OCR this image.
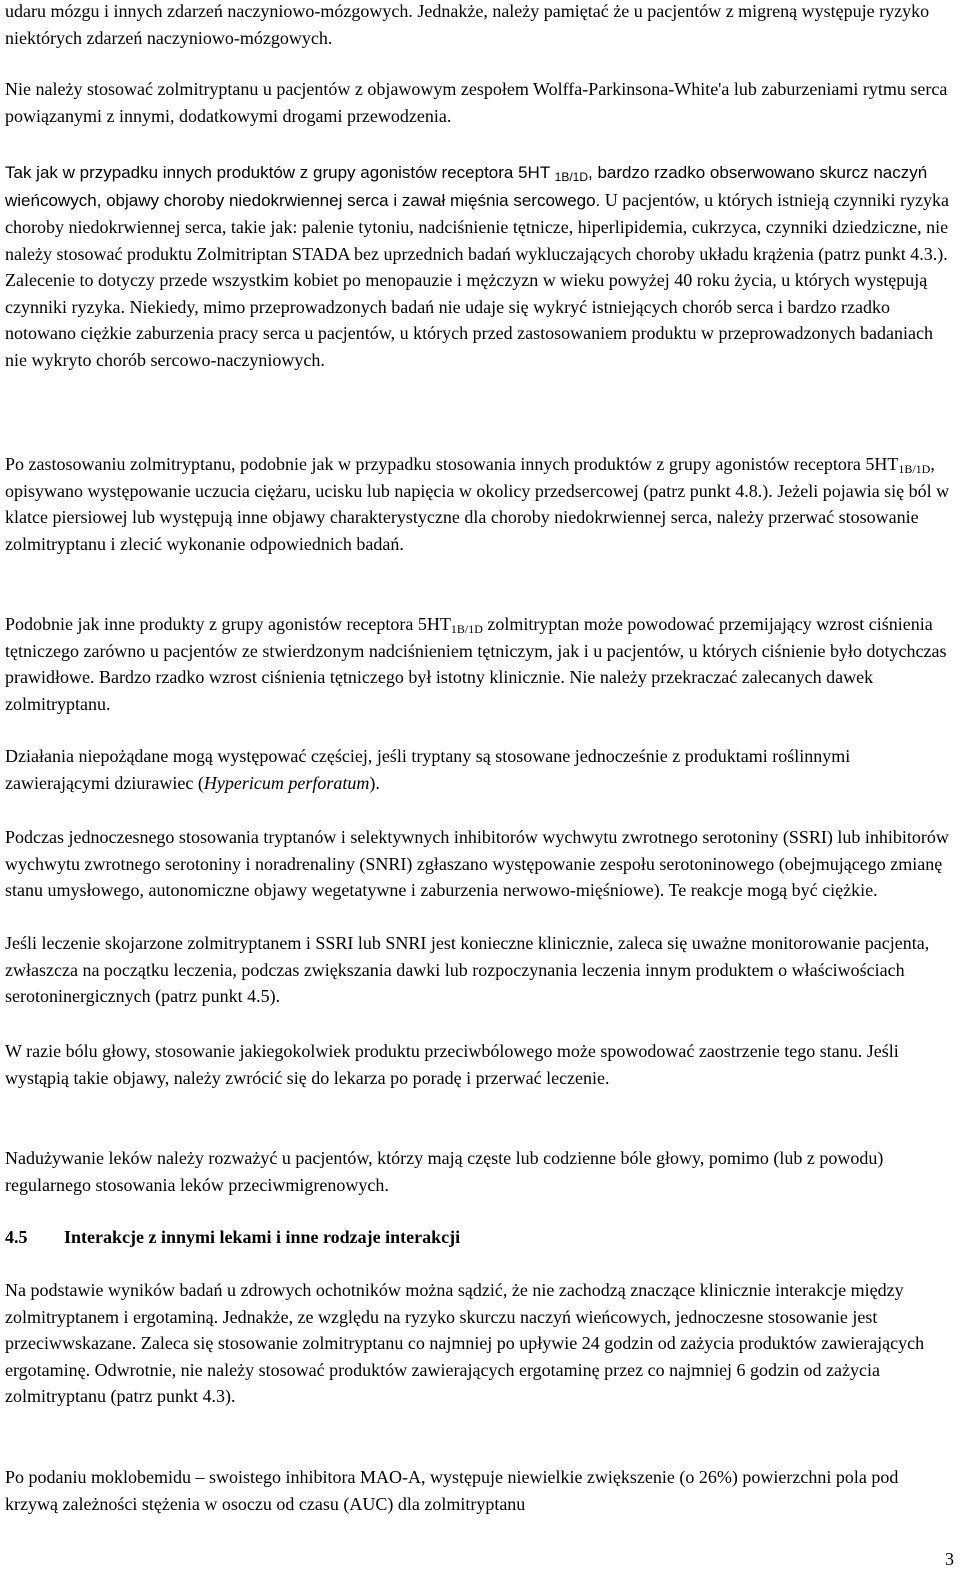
udaru mózgu i innych zdarzeń naczyniowo-mózgowych. Jednakże, należy pamiętać że u pacjentów z migreną występuje ryzyko niektórych zdarzeń naczyniowo-mózgowych.

Nie należy stosować zolmitryptanu u pacjentów z objawowym zespołem Wolffa-Parkinsona-White'a lub zaburzeniami rytmu serca powiązanymi z innymi, dodatkowymi drogami przewodzenia.

Tak jak w przypadku innych produktów z grupy agonistów receptora 5HT $_{1B/1D}$, bardzo rzadko obserwowano skurcz naczyń wieńcowych, objawy choroby niedokrwiennej serca i zawał mięśnia sercowego. U pacjentów, u których istnieją czynniki ryzyka choroby niedokrwiennej serca, takie jak: palenie tytoniu, nadciśnienie tętnicze, hiperlipidemia, cukrzyca, czynniki dziedziczne, nie należy stosować produktu Zolmitriptan STADA bez uprzednich badań wykluczających choroby układu krążenia (patrz punkt 4.3.). Zalecenie to dotyczy przede wszystkim kobiet po menopauzie i mężczyzn w wieku powyżej 40 roku życia, u których występują czynniki ryzyka. Niekiedy, mimo przeprowadzonych badań nie udaje się wykryć istniejących chorób serca i bardzo rzadko notowano ciężkie zaburzenia pracy serca u pacjentów, u których przed zastosowaniem produktu w przeprowadzonych badaniach nie wykryto chorób sercowo-naczyniowych.

Po zastosowaniu zolmitryptanu, podobnie jak w przypadku stosowania innych produktów z grupy agonistów receptora $5HT_{1B/1D}$, opisywano występowanie uczucia ciężaru, ucisku lub napięcia w okolicy przedsercowej (patrz punkt 4.8.). Jeżeli pojawia się ból w klatce piersiowej lub występują inne objawy charakterystyczne dla choroby niedokrwiennej serca, należy przerwać stosowanie zolmitryptanu i zlecić wykonanie odpowiednich badań.

Podobnie jak inne produkty z grupy agonistów receptora $5HT_{1B/1D}$ zolmitryptan może powodować przemijający wzrost ciśnienia tętniczego zarówno u pacjentów ze stwierdzonym nadciśnieniem tętniczym, jak i u pacjentów, u których ciśnienie było dotychczas prawidłowe. Bardzo rzadko wzrost ciśnienia tętniczego był istotny klinicznie. Nie należy przekraczać zalecanych dawek zolmitryptanu.

Działania niepożądane mogą występować częściej, jeśli tryptany są stosowane jednocześnie z produktami roślinnymi zawierającymi dziurawiec (Hypericum perforatum).

Podczas jednoczesnego stosowania tryptanów i selektywnych inhibitorów wychwytu zwrotnego serotoniny (SSRI) lub inhibitorów wychwytu zwrotnego serotoniny i noradrenaliny (SNRI) zgłaszano występowanie zespołu serotoninowego (obejmującego zmianę stanu umysłowego, autonomiczne objawy wegetatywne i zaburzenia nerwowo-mięśniowe). Te reakcje mogą być ciężkie.

Jeśli leczenie skojarzone zolmitryptanem i SSRI lub SNRI jest konieczne klinicznie, zaleca się uważne monitorowanie pacjenta, zwłaszcza na początku leczenia, podczas zwiększania dawki lub rozpoczynania leczenia innym produktem o właściwościach serotoninergicznych (patrz punkt 4.5).

W razie bólu głowy, stosowanie jakiegokolwiek produktu przeciwbólowego może spowodować zaostrzenie tego stanu. Jeśli wystąpią takie objawy, należy zwrócić się do lekarza po poradę i przerwać leczenie.

Nadużywanie leków należy rozważyć u pacjentów, którzy mają częste lub codzienne bóle głowy, pomimo (lub z powodu) regularnego stosowania leków przeciwmigrenowych.

4.5 Interakcje z innymi lekami i inne rodzaje interakcji

Na podstawie wyników badań u zdrowych ochotników można sądzić, że nie zachodzą znaczące klinicznie interakcje między zolmitryptanem i ergotaminą. Jednakże, ze względu na ryzyko skurczu naczyń wieńcowych, jednoczesne stosowanie jest przeciwwskazane. Zaleca się stosowanie zolmitryptanu co najmniej po upływie 24 godzin od zażycia produktów zawierających ergotaminę. Odwrotnie, nie należy stosować produktów zawierających ergotaminę przez co najmniej 6 godzin od zażycia zolmitryptanu (patrz punkt 4.3).

Po podaniu moklobemidu – swoistego inhibitora MAO-A, występuje niewielkie zwiększenie (o 26%) powierzchni pola pod krzywą zależności stężenia w osoczu od czasu (AUC) dla zolmitryptanu

3
